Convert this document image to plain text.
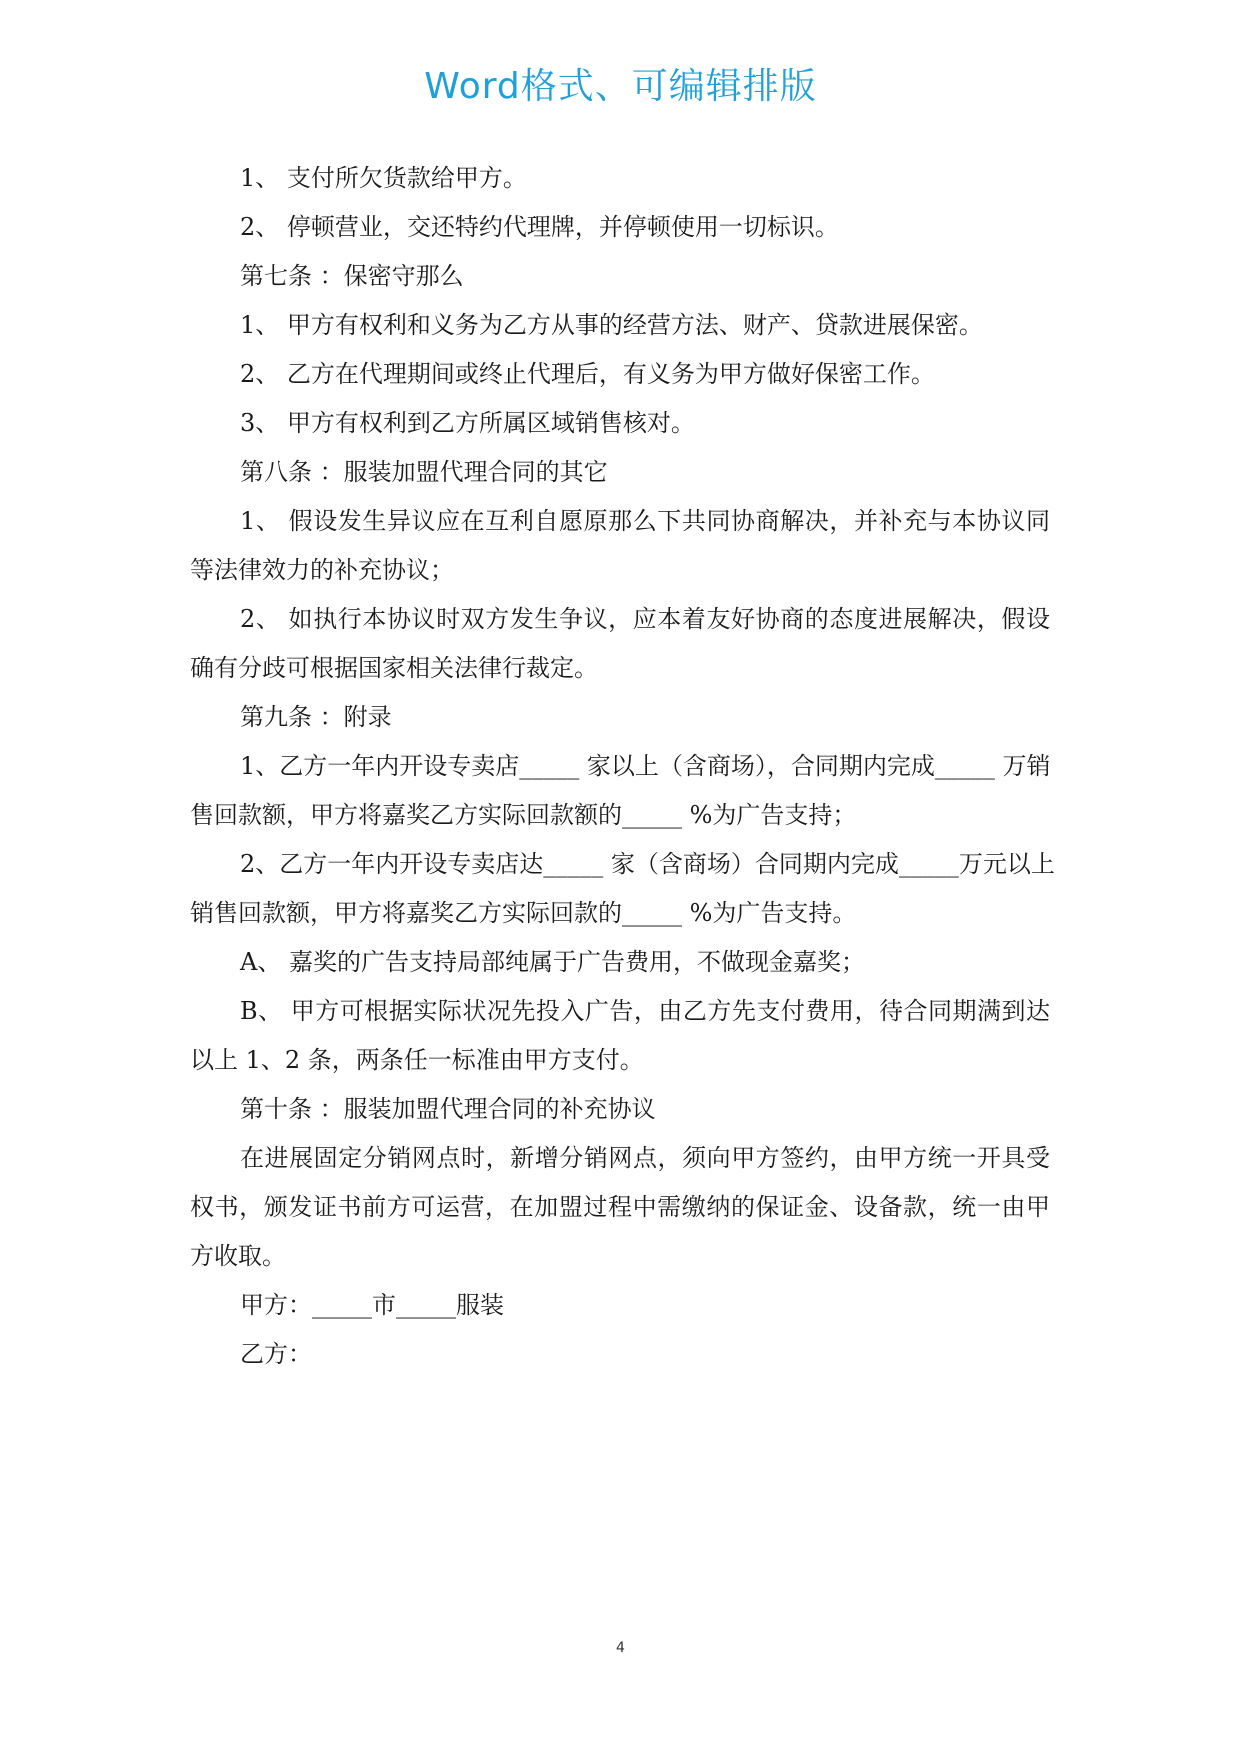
Word格式、可编辑排版
1、 支付所欠货款给甲方。
2、 停顿营业，交还特约代理牌，并停顿使用一切标识。
第七条 ：保密守那么
1、 甲方有权利和义务为乙方从事的经营方法、财产、贷款进展保密。
2、 乙方在代理期间或终止代理后，有义务为甲方做好保密工作。
3、 甲方有权利到乙方所属区域销售核对。
第八条 ：服装加盟代理合同的其它
1、 假设发生异议应在互利自愿原那么下共同协商解决，并补充与本协议同
等法律效力的补充协议；
2、 如执行本协议时双方发生争议，应本着友好协商的态度进展解决，假设
确有分歧可根据国家相关法律行裁定。
第九条 ：附录
1、乙方一年内开设专卖店_____ 家以上（含商场），合同期内完成_____ 万销
售回款额，甲方将嘉奖乙方实际回款额的_____ %为广告支持；
2、乙方一年内开设专卖店达_____ 家（含商场）合同期内完成_____万元以上
销售回款额，甲方将嘉奖乙方实际回款的_____ %为广告支持。
A、 嘉奖的广告支持局部纯属于广告费用，不做现金嘉奖；
B、 甲方可根据实际状况先投入广告，由乙方先支付费用，待合同期满到达
以上 1、2 条，两条任一标准由甲方支付。
第十条 ：服装加盟代理合同的补充协议
在进展固定分销网点时，新增分销网点，须向甲方签约，由甲方统一开具受
权书，颁发证书前方可运营，在加盟过程中需缴纳的保证金、设备款，统一由甲
方收取。
甲方：_____市_____服装
乙方：
4
